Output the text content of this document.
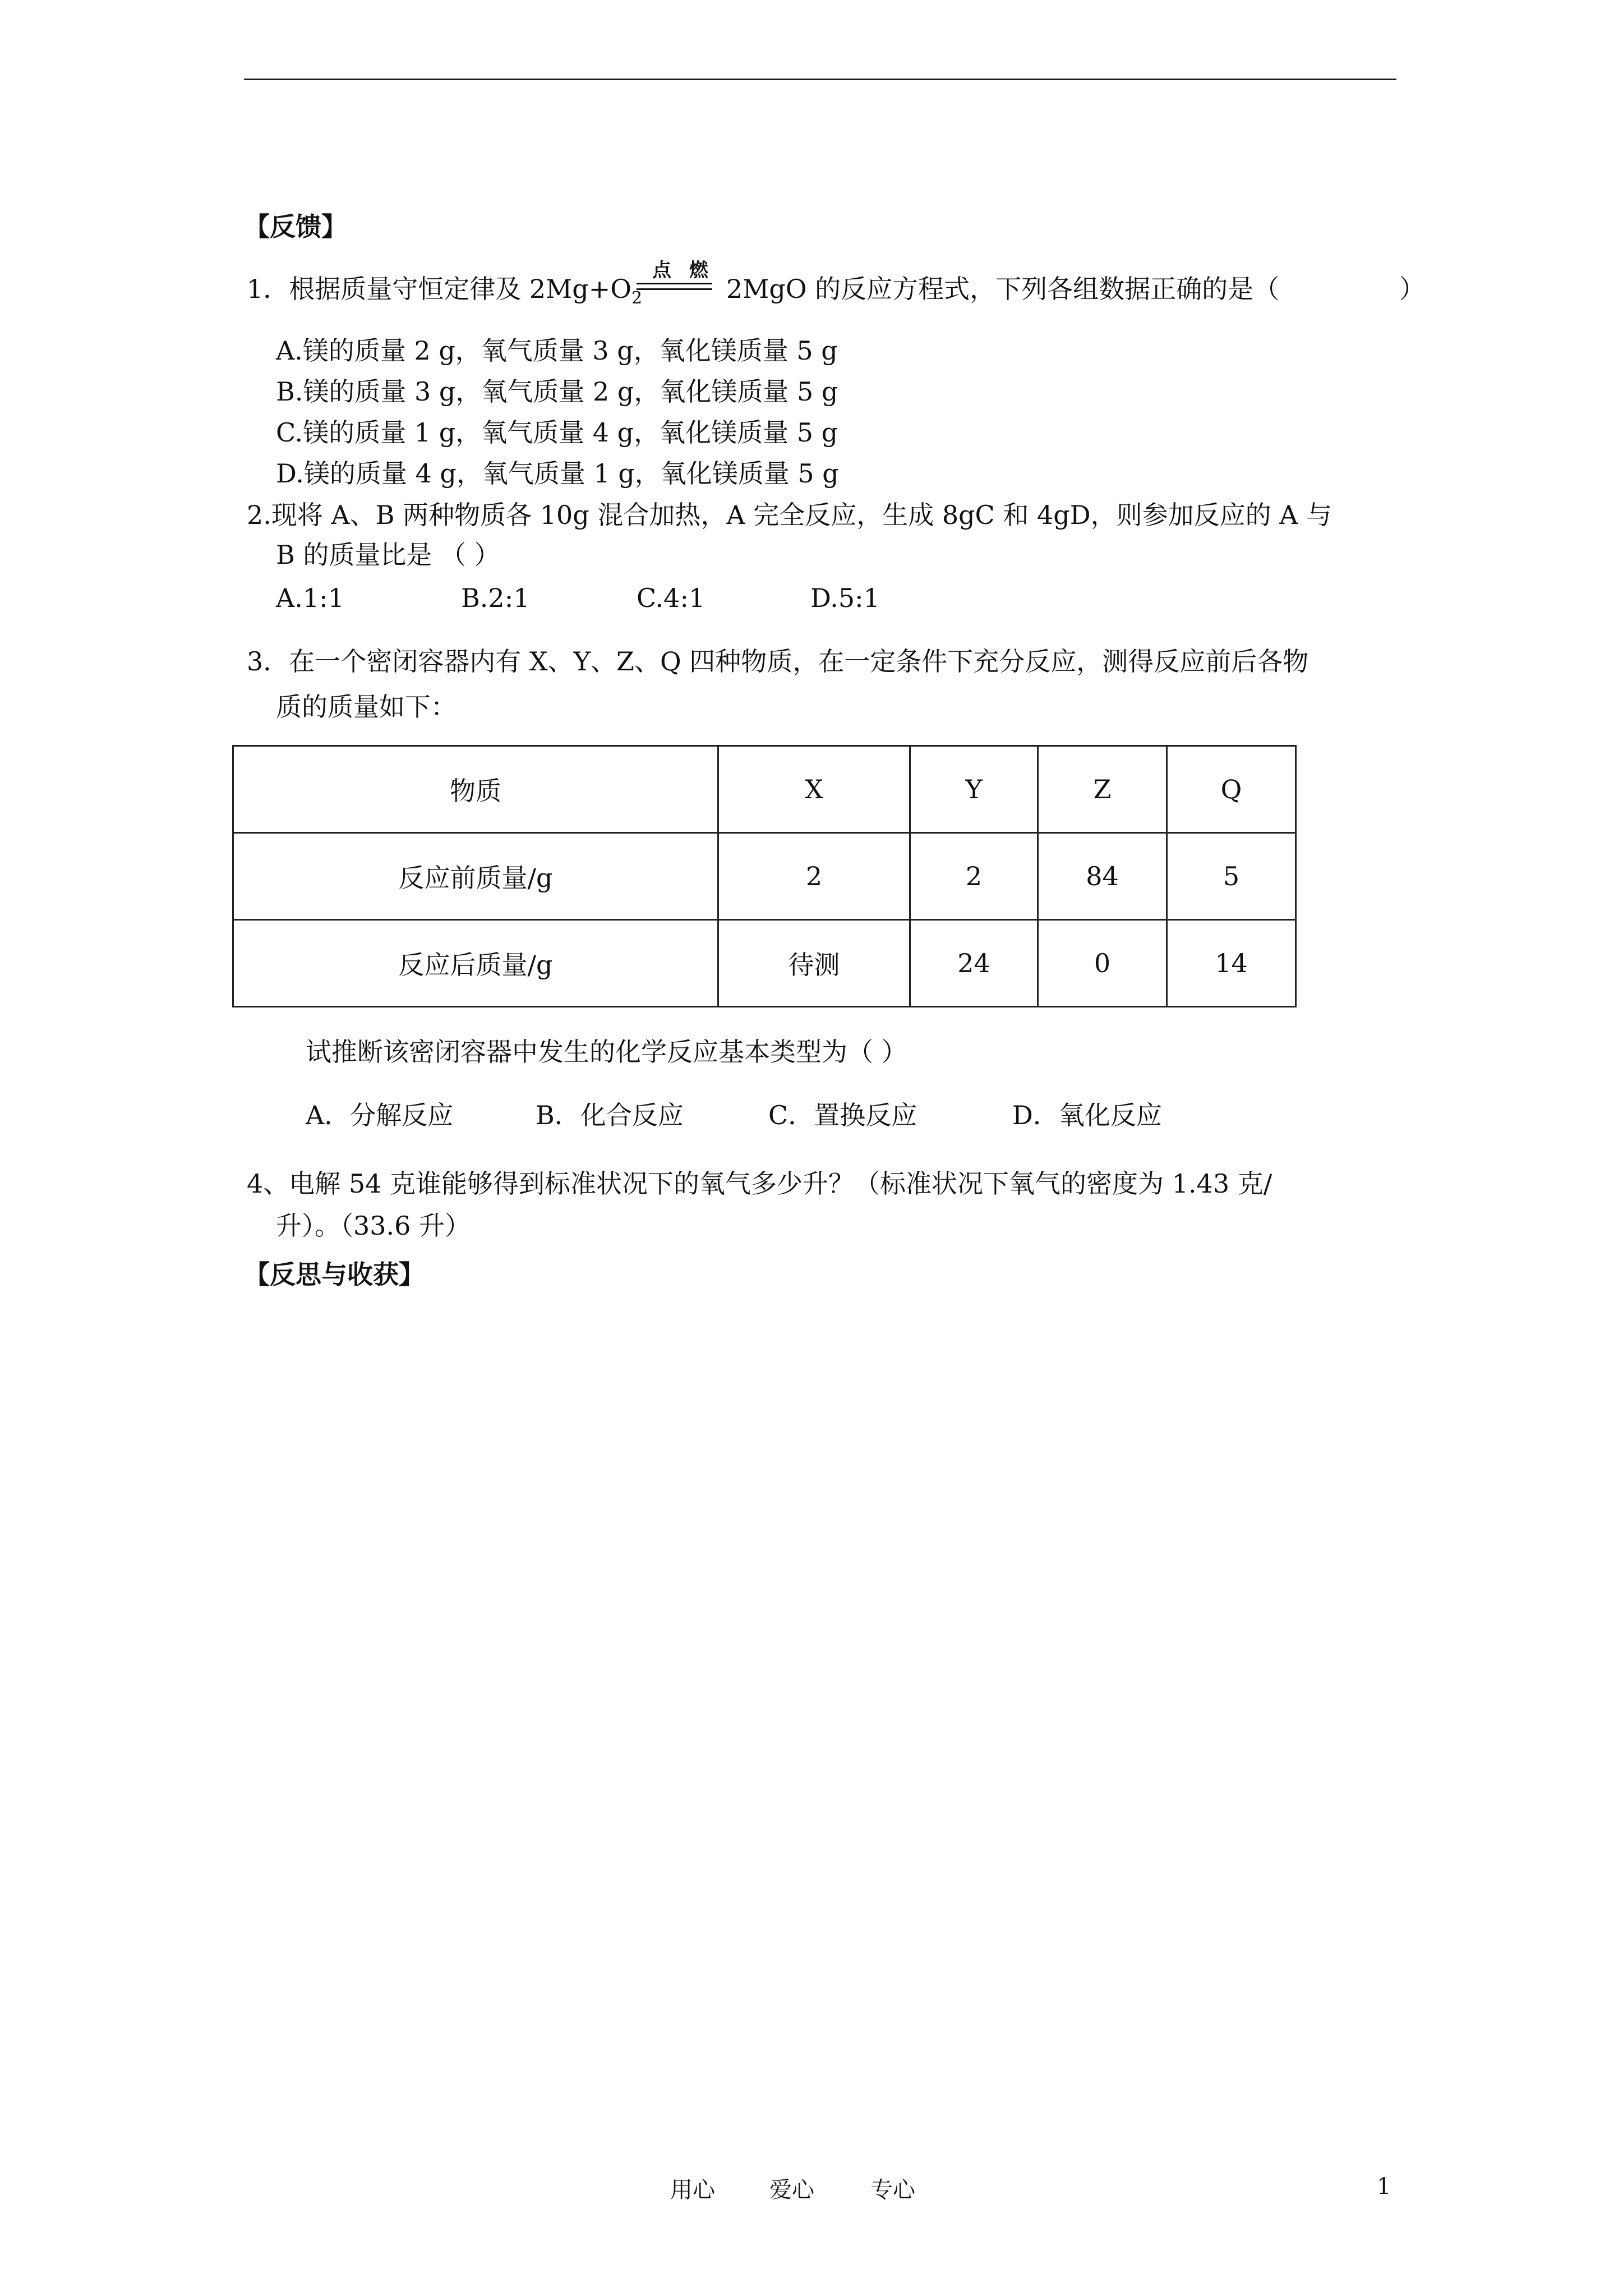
【反馈】
1．根据质量守恒定律及 $2Mg+O_2$
点 燃
2MgO 的反应方程式，下列各组数据正确的是（	）
A.镁的质量 2 g，氧气质量 3 g，氧化镁质量 5 g
B.镁的质量 3 g，氧气质量 2 g，氧化镁质量 5 g
C.镁的质量 1 g，氧气质量 4 g，氧化镁质量 5 g
D.镁的质量 4 g，氧气质量 1 g，氧化镁质量 5 g
2.现将 A、B 两种物质各 10g 混合加热，A 完全反应，生成 8gC 和 4gD，则参加反应的 A 与
B 的质量比是 （ ）
A.1:1	B.2:1	C.4:1	D.5:1
3．在一个密闭容器内有 X、Y、Z、Q 四种物质，在一定条件下充分反应，测得反应前后各物
质的质量如下：
物质	X	Y	Z	Q
反应前质量/g	2	2	84	5
反应后质量/g	待测	24	0	14
试推断该密闭容器中发生的化学反应基本类型为（ ）
A．分解反应	B．化合反应	C．置换反应	D．氧化反应
4、电解 54 克谁能够得到标准状况下的氧气多少升？（标准状况下氧气的密度为 1.43 克/
升）。（33.6 升）
【反思与收获】
用心 爱心	专心	1
